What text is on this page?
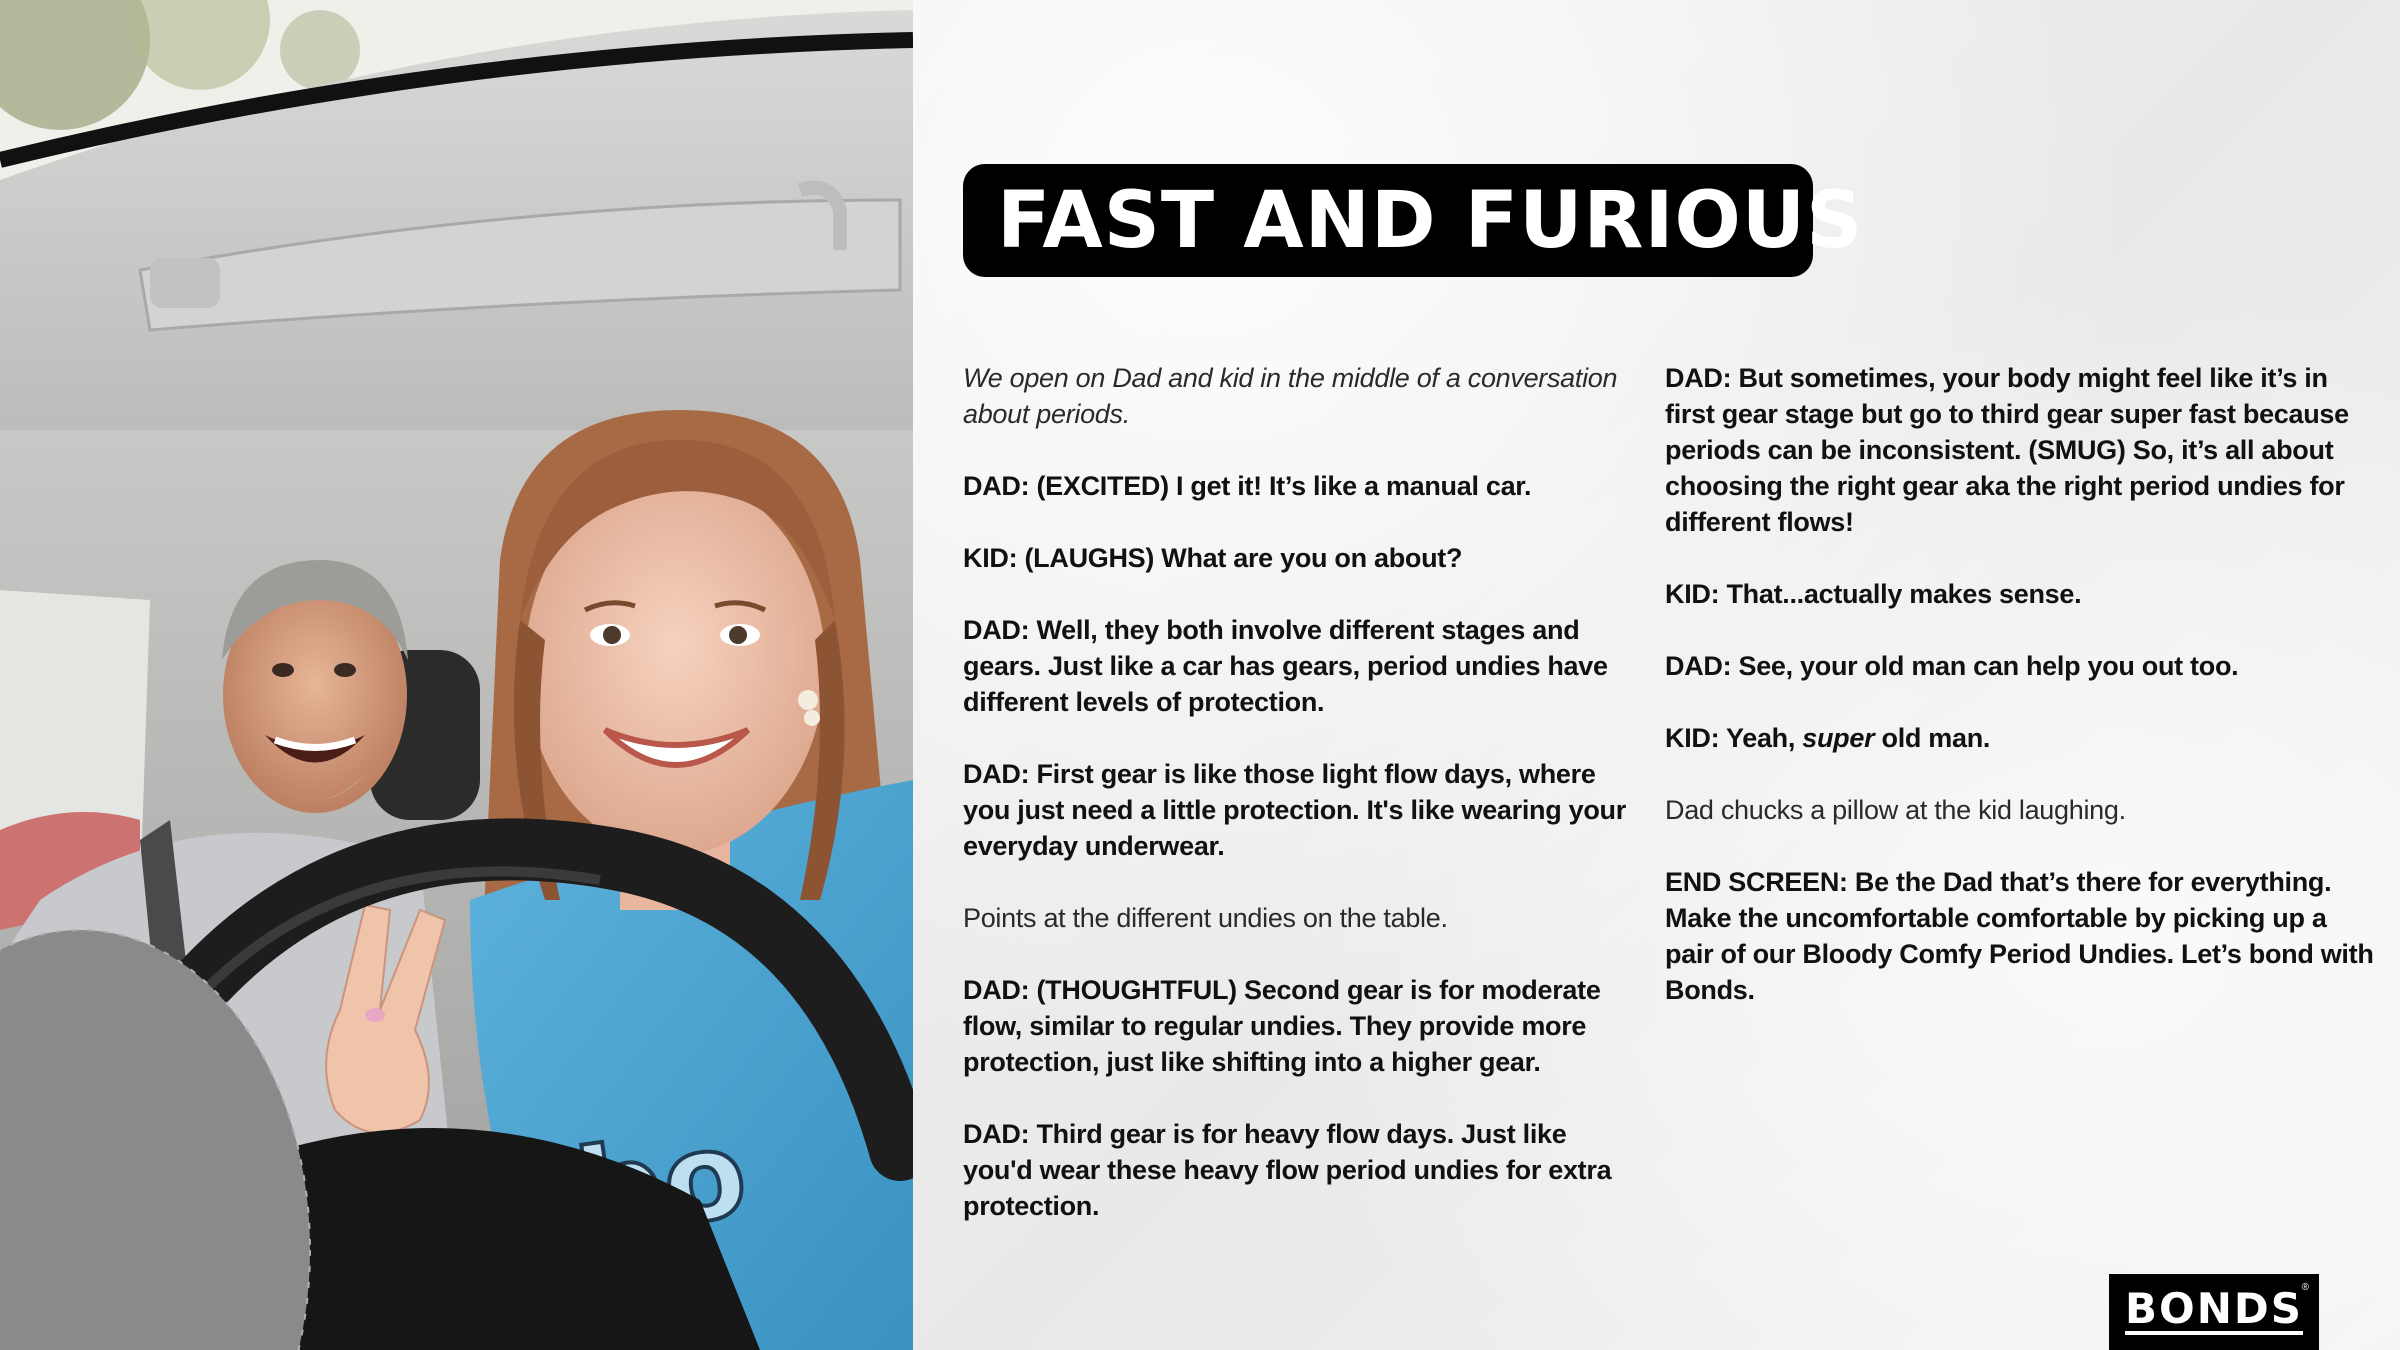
FAST AND FURIOUS

We open on Dad and kid in the middle of a conversation about periods.

DAD: (EXCITED) I get it! It’s like a manual car.

KID: (LAUGHS) What are you on about?

DAD: Well, they both involve different stages and gears. Just like a car has gears, period undies have different levels of protection.

DAD: First gear is like those light flow days, where you just need a little protection. It's like wearing your everyday underwear.

Points at the different undies on the table.

DAD: (THOUGHTFUL) Second gear is for moderate flow, similar to regular undies. They provide more protection, just like shifting into a higher gear.

DAD: Third gear is for heavy flow days. Just like you'd wear these heavy flow period undies for extra protection.

DAD: But sometimes, your body might feel like it’s in first gear stage but go to third gear super fast because periods can be inconsistent. (SMUG) So, it’s all about choosing the right gear aka the right period undies for different flows!

KID: That...actually makes sense.

DAD: See, your old man can help you out too.

KID: Yeah, super old man.

Dad chucks a pillow at the kid laughing.

END SCREEN: Be the Dad that’s there for everything. Make the uncomfortable comfortable by picking up a pair of our Bloody Comfy Period Undies. Let’s bond with Bonds.

BONDS
®
